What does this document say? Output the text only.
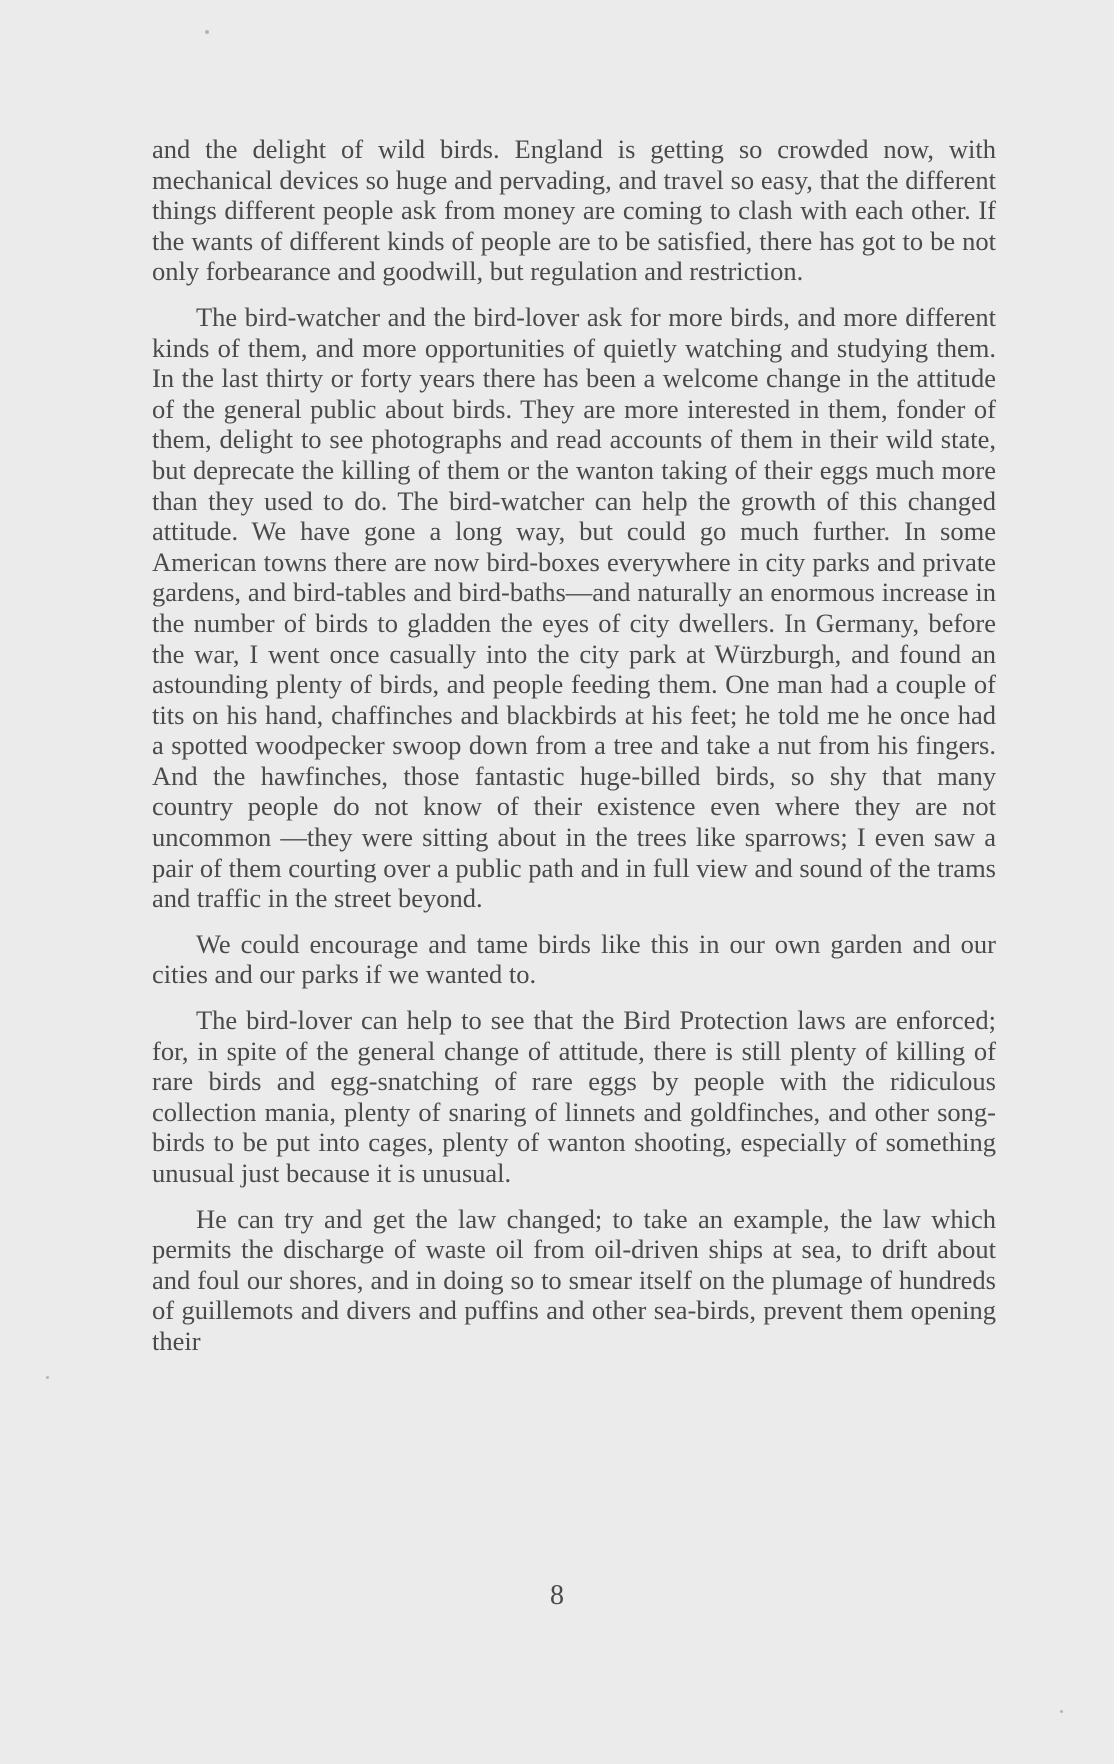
and the delight of wild birds. England is getting so crowded now, with mechanical devices so huge and pervading, and travel so easy, that the different things different people ask from money are coming to clash with each other. If the wants of different kinds of people are to be satisfied, there has got to be not only forbearance and goodwill, but regulation and restriction.

The bird-watcher and the bird-lover ask for more birds, and more different kinds of them, and more opportunities of quietly watching and studying them. In the last thirty or forty years there has been a welcome change in the attitude of the general public about birds. They are more interested in them, fonder of them, delight to see photographs and read accounts of them in their wild state, but deprecate the killing of them or the wanton taking of their eggs much more than they used to do. The bird-watcher can help the growth of this changed attitude. We have gone a long way, but could go much further. In some American towns there are now bird-boxes everywhere in city parks and private gardens, and bird-tables and bird-baths—and naturally an enormous increase in the number of birds to gladden the eyes of city dwellers. In Germany, before the war, I went once casually into the city park at Würzburgh, and found an astounding plenty of birds, and people feeding them. One man had a couple of tits on his hand, chaffinches and blackbirds at his feet; he told me he once had a spotted woodpecker swoop down from a tree and take a nut from his fingers. And the hawfinches, those fantastic huge-billed birds, so shy that many country people do not know of their existence even where they are not uncommon —they were sitting about in the trees like sparrows; I even saw a pair of them courting over a public path and in full view and sound of the trams and traffic in the street beyond.

We could encourage and tame birds like this in our own garden and our cities and our parks if we wanted to.

The bird-lover can help to see that the Bird Protection laws are enforced; for, in spite of the general change of attitude, there is still plenty of killing of rare birds and egg-snatching of rare eggs by people with the ridiculous collection mania, plenty of snaring of linnets and goldfinches, and other song-birds to be put into cages, plenty of wanton shooting, especially of something unusual just because it is unusual.

He can try and get the law changed; to take an example, the law which permits the discharge of waste oil from oil-driven ships at sea, to drift about and foul our shores, and in doing so to smear itself on the plumage of hundreds of guillemots and divers and puffins and other sea-birds, prevent them opening their

8
